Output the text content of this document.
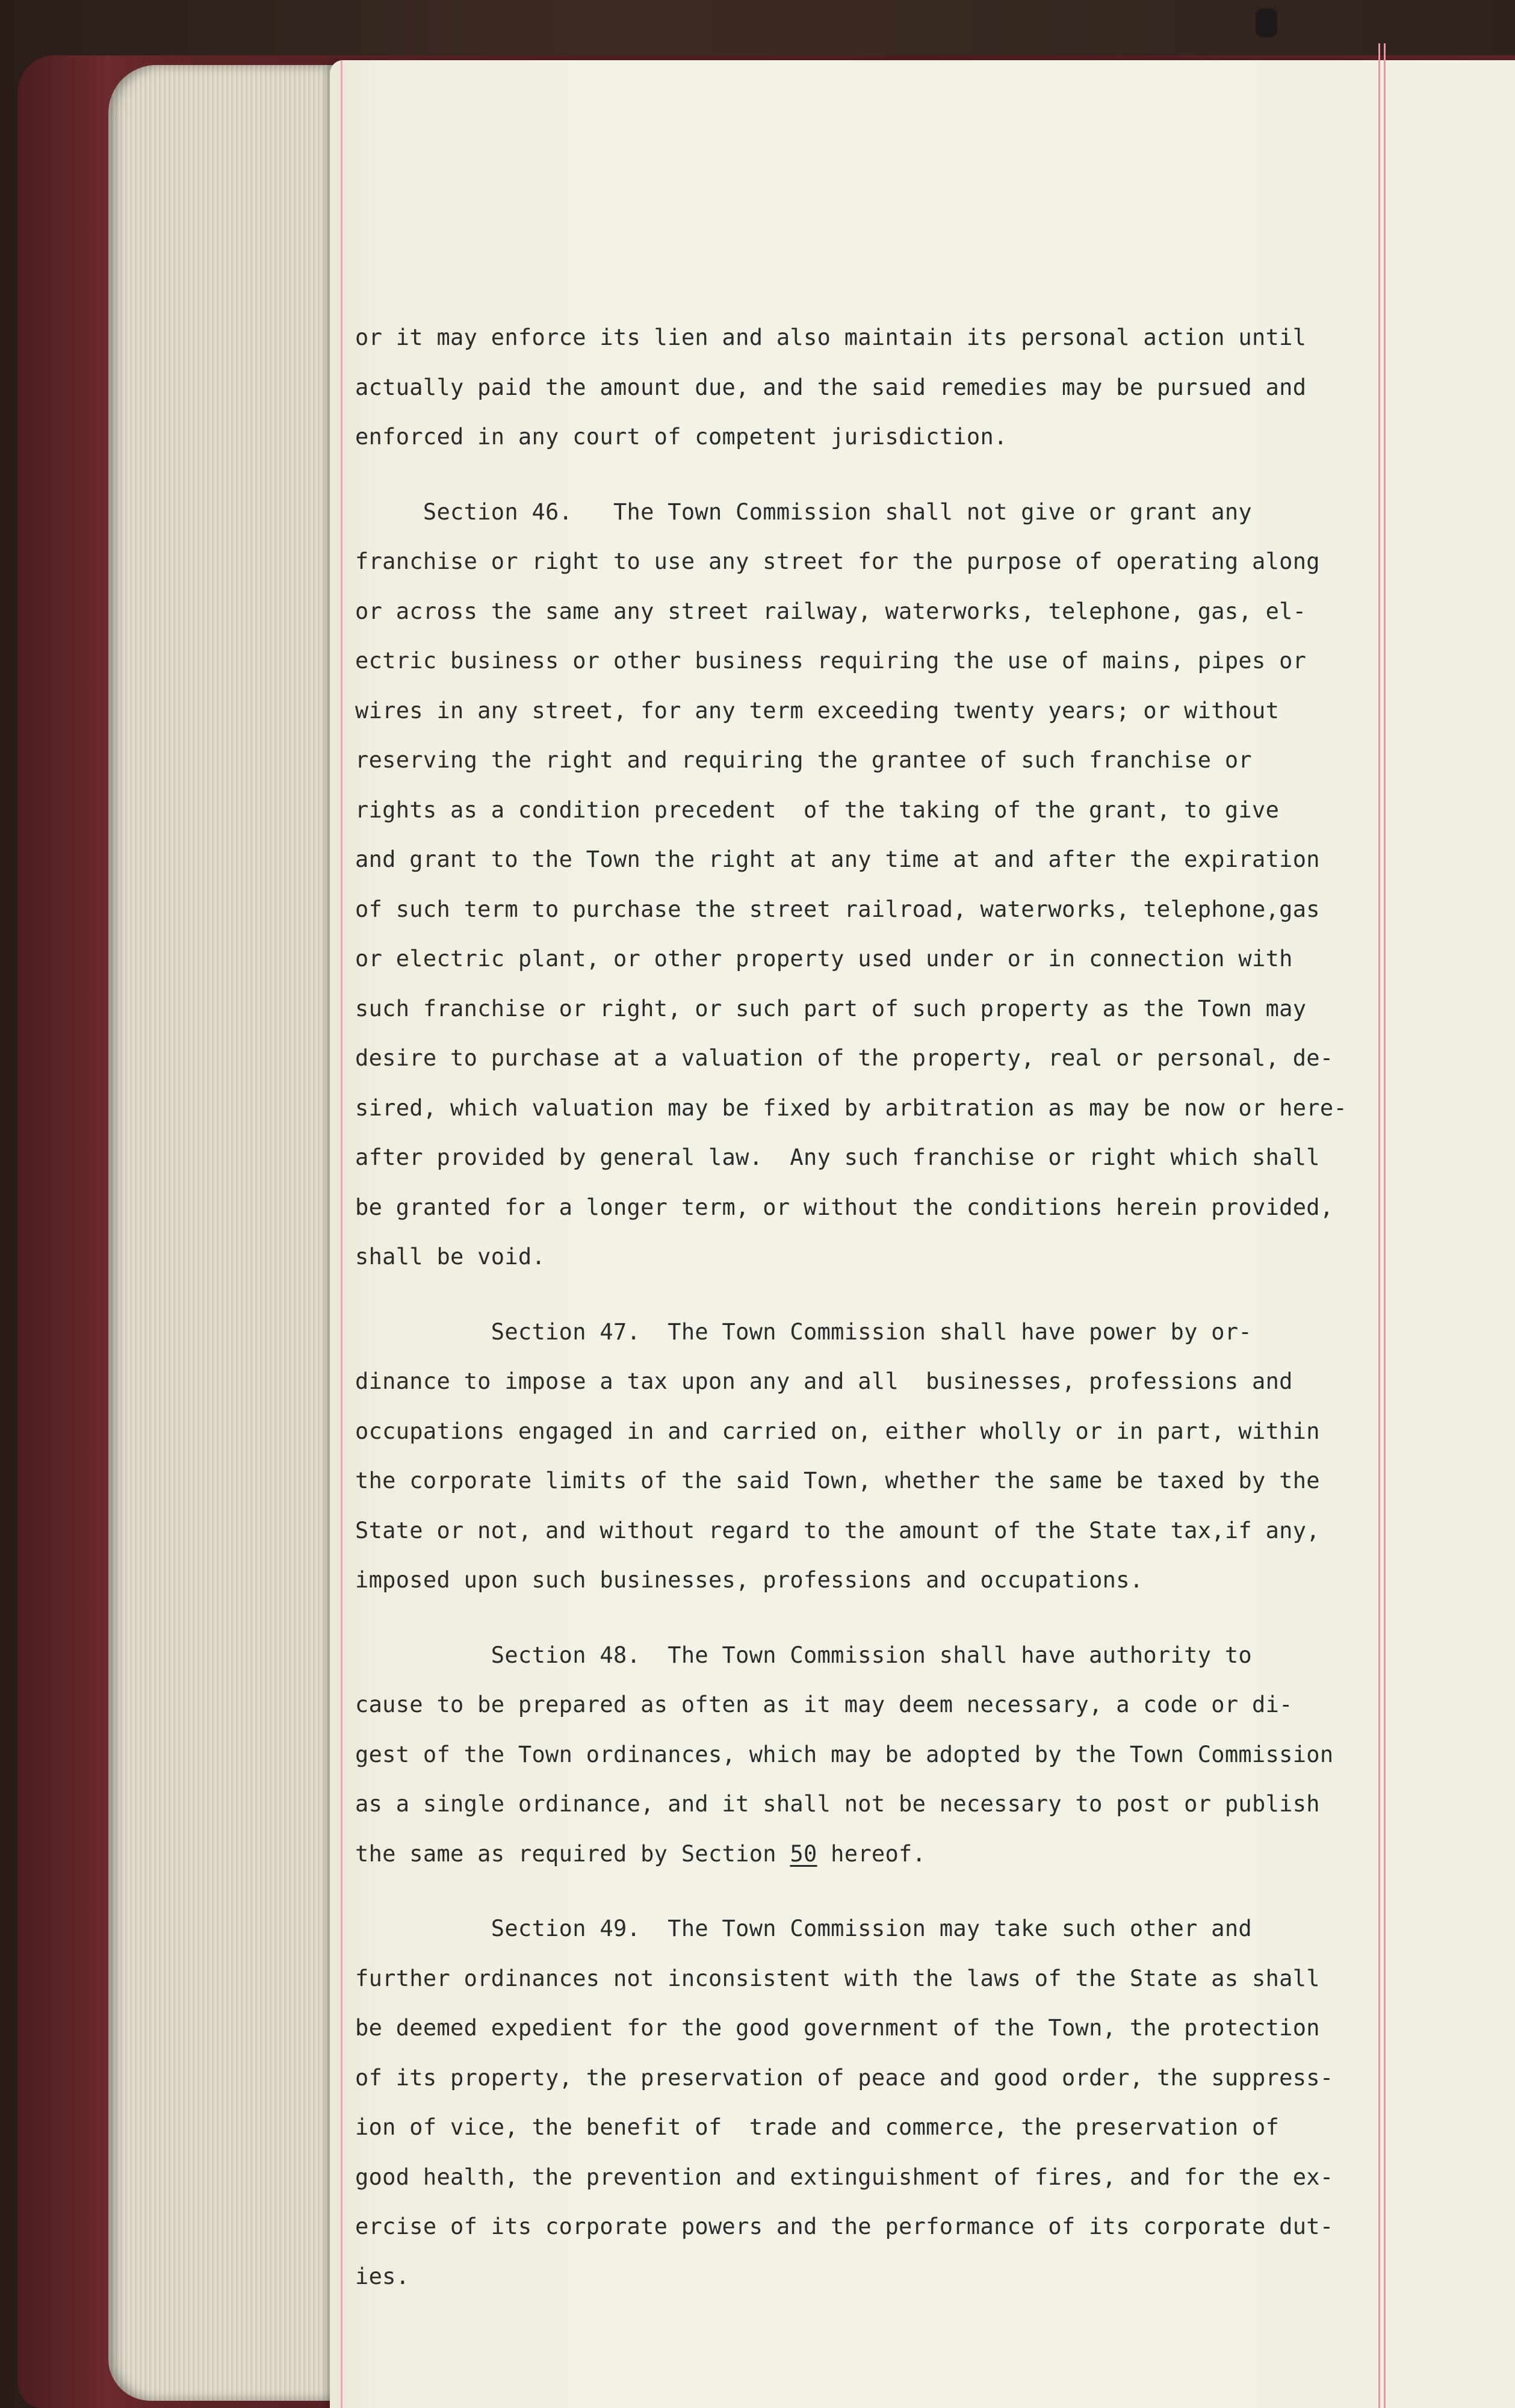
or it may enforce its lien and also maintain its personal action until
actually paid the amount due, and the said remedies may be pursued and
enforced in any court of competent jurisdiction.
Section 46.   The Town Commission shall not give or grant any
franchise or right to use any street for the purpose of operating along
or across the same any street railway, waterworks, telephone, gas, el-
ectric business or other business requiring the use of mains, pipes or
wires in any street, for any term exceeding twenty years; or without
reserving the right and requiring the grantee of such franchise or
rights as a condition precedent  of the taking of the grant, to give
and grant to the Town the right at any time at and after the expiration
of such term to purchase the street railroad, waterworks, telephone,gas
or electric plant, or other property used under or in connection with
such franchise or right, or such part of such property as the Town may
desire to purchase at a valuation of the property, real or personal, de-
sired, which valuation may be fixed by arbitration as may be now or here-
after provided by general law.  Any such franchise or right which shall
be granted for a longer term, or without the conditions herein provided,
shall be void.
Section 47.  The Town Commission shall have power by or-
dinance to impose a tax upon any and all  businesses, professions and
occupations engaged in and carried on, either wholly or in part, within
the corporate limits of the said Town, whether the same be taxed by the
State or not, and without regard to the amount of the State tax,if any,
imposed upon such businesses, professions and occupations.
Section 48.  The Town Commission shall have authority to
cause to be prepared as often as it may deem necessary, a code or di-
gest of the Town ordinances, which may be adopted by the Town Commission
as a single ordinance, and it shall not be necessary to post or publish
the same as required by Section 50 hereof.
Section 49.  The Town Commission may take such other and
further ordinances not inconsistent with the laws of the State as shall
be deemed expedient for the good government of the Town, the protection
of its property, the preservation of peace and good order, the suppress-
ion of vice, the benefit of  trade and commerce, the preservation of
good health, the prevention and extinguishment of fires, and for the ex-
ercise of its corporate powers and the performance of its corporate dut-
ies.
